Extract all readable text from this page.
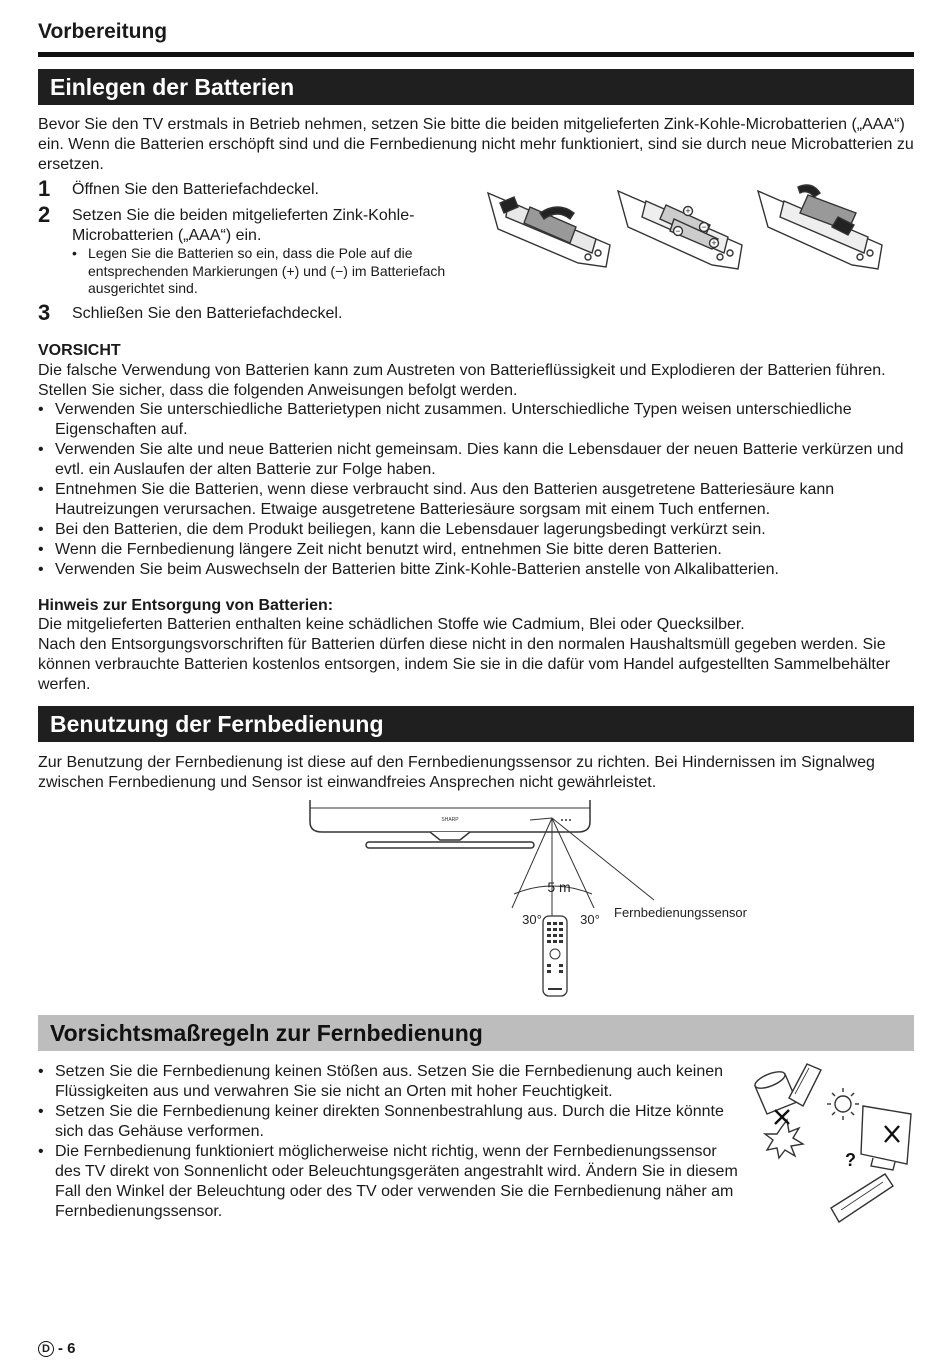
Vorbereitung
Einlegen der Batterien

Bevor Sie den TV erstmals in Betrieb nehmen, setzen Sie bitte die beiden mitgelieferten Zink-Kohle-Microbatterien („AAA“) ein. Wenn die Batterien erschöpft sind und die Fernbedienung nicht mehr funktioniert, sind sie durch neue Microbatterien zu ersetzen.

1 Öffnen Sie den Batteriefachdeckel.
2 Setzen Sie die beiden mitgelieferten Zink-Kohle-Microbatterien („AAA“) ein.
• Legen Sie die Batterien so ein, dass die Pole auf die entsprechenden Markierungen (+) und (−) im Batteriefach ausgerichtet sind.
3 Schließen Sie den Batteriefachdeckel.
+
−
−
+
VORSICHT

Die falsche Verwendung von Batterien kann zum Austreten von Batterieflüssigkeit und Explodieren der Batterien führen. Stellen Sie sicher, dass die folgenden Anweisungen befolgt werden.

• Verwenden Sie unterschiedliche Batterietypen nicht zusammen. Unterschiedliche Typen weisen unterschiedliche Eigenschaften auf.
• Verwenden Sie alte und neue Batterien nicht gemeinsam. Dies kann die Lebensdauer der neuen Batterie verkürzen und evtl. ein Auslaufen der alten Batterie zur Folge haben.
• Entnehmen Sie die Batterien, wenn diese verbraucht sind. Aus den Batterien ausgetretene Batteriesäure kann Hautreizungen verursachen. Etwaige ausgetretene Batteriesäure sorgsam mit einem Tuch entfernen.
• Bei den Batterien, die dem Produkt beiliegen, kann die Lebensdauer lagerungsbedingt verkürzt sein.
• Wenn die Fernbedienung längere Zeit nicht benutzt wird, entnehmen Sie bitte deren Batterien.
• Verwenden Sie beim Auswechseln der Batterien bitte Zink-Kohle-Batterien anstelle von Alkalibatterien.
Hinweis zur Entsorgung von Batterien:

Die mitgelieferten Batterien enthalten keine schädlichen Stoffe wie Cadmium, Blei oder Quecksilber.

Nach den Entsorgungsvorschriften für Batterien dürfen diese nicht in den normalen Haushaltsmüll gegeben werden. Sie können verbrauchte Batterien kostenlos entsorgen, indem Sie sie in die dafür vom Handel aufgestellten Sammelbehälter werfen.

Benutzung der Fernbedienung

Zur Benutzung der Fernbedienung ist diese auf den Fernbedienungssensor zu richten. Bei Hindernissen im Signalweg zwischen Fernbedienung und Sensor ist einwandfreies Ansprechen nicht gewährleistet.

SHARP
5 m
30°	30° Fernbedienungssensor
Vorsichtsmaßregeln zur Fernbedienung
• Setzen Sie die Fernbedienung keinen Stößen aus. Setzen Sie die Fernbedienung auch keinen Flüssigkeiten aus und verwahren Sie sie nicht an Orten mit hoher Feuchtigkeit.
• Setzen Sie die Fernbedienung keiner direkten Sonnenbestrahlung aus. Durch die Hitze könnte sich das Gehäuse verformen.
• Die Fernbedienung funktioniert möglicherweise nicht richtig, wenn der Fernbedienungssensor des TV direkt von Sonnenlicht oder Beleuchtungsgeräten angestrahlt wird. Ändern Sie in diesem Fall den Winkel der Beleuchtung oder des TV oder verwenden Sie die Fernbedienung näher am Fernbedienungssensor.
?
D - 6
